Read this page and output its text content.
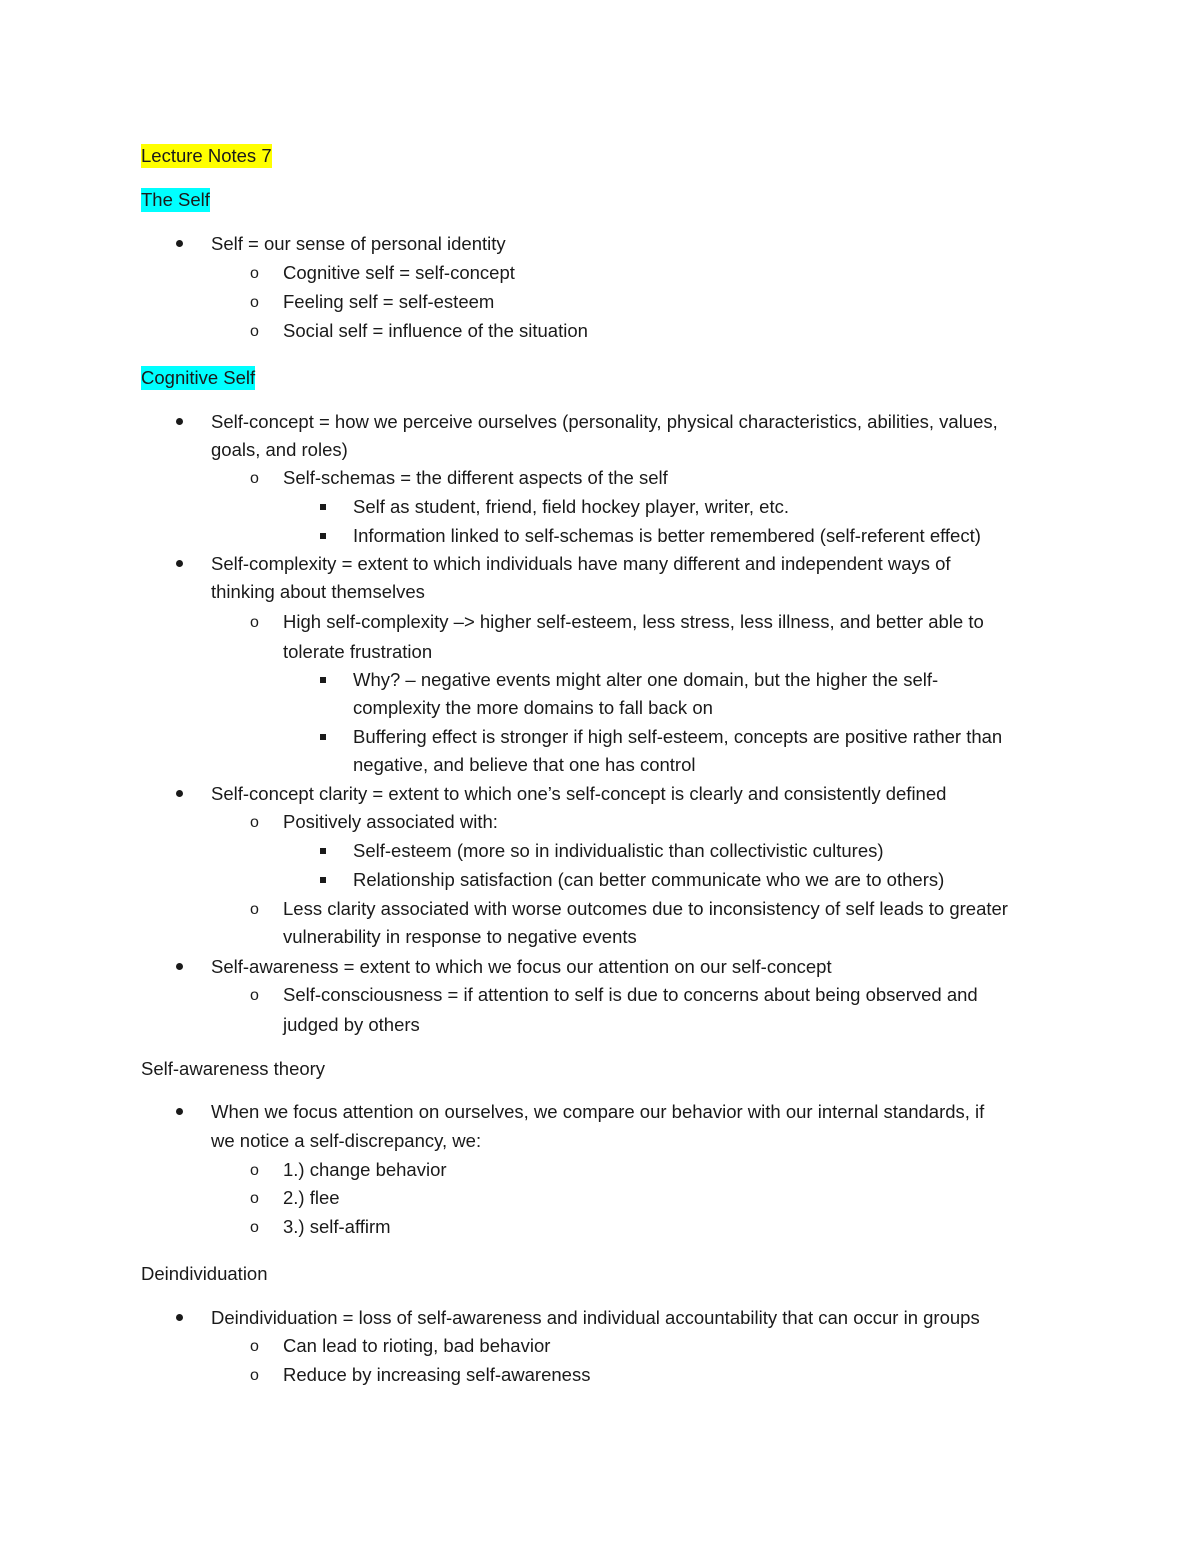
Lecture Notes 7
The Self
Self = our sense of personal identity
o Cognitive self = self-concept
o Feeling self = self-esteem
o Social self = influence of the situation
Cognitive Self
Self-concept = how we perceive ourselves (personality, physical characteristics, abilities, values,
goals, and roles)
o Self-schemas = the different aspects of the self
Self as student, friend, field hockey player, writer, etc.
Information linked to self-schemas is better remembered (self-referent effect)
Self-complexity = extent to which individuals have many different and independent ways of
thinking about themselves
o High self-complexity –> higher self-esteem, less stress, less illness, and better able to
tolerate frustration
Why? – negative events might alter one domain, but the higher the self-
complexity the more domains to fall back on
Buffering effect is stronger if high self-esteem, concepts are positive rather than
negative, and believe that one has control
Self-concept clarity = extent to which one’s self-concept is clearly and consistently defined
o Positively associated with:
Self-esteem (more so in individualistic than collectivistic cultures)
Relationship satisfaction (can better communicate who we are to others)
o Less clarity associated with worse outcomes due to inconsistency of self leads to greater
vulnerability in response to negative events
Self-awareness = extent to which we focus our attention on our self-concept
o Self-consciousness = if attention to self is due to concerns about being observed and
judged by others
Self-awareness theory
When we focus attention on ourselves, we compare our behavior with our internal standards, if
we notice a self-discrepancy, we:
o 1.) change behavior
o 2.) flee
o 3.) self-affirm
Deindividuation
Deindividuation = loss of self-awareness and individual accountability that can occur in groups
o Can lead to rioting, bad behavior
o Reduce by increasing self-awareness
